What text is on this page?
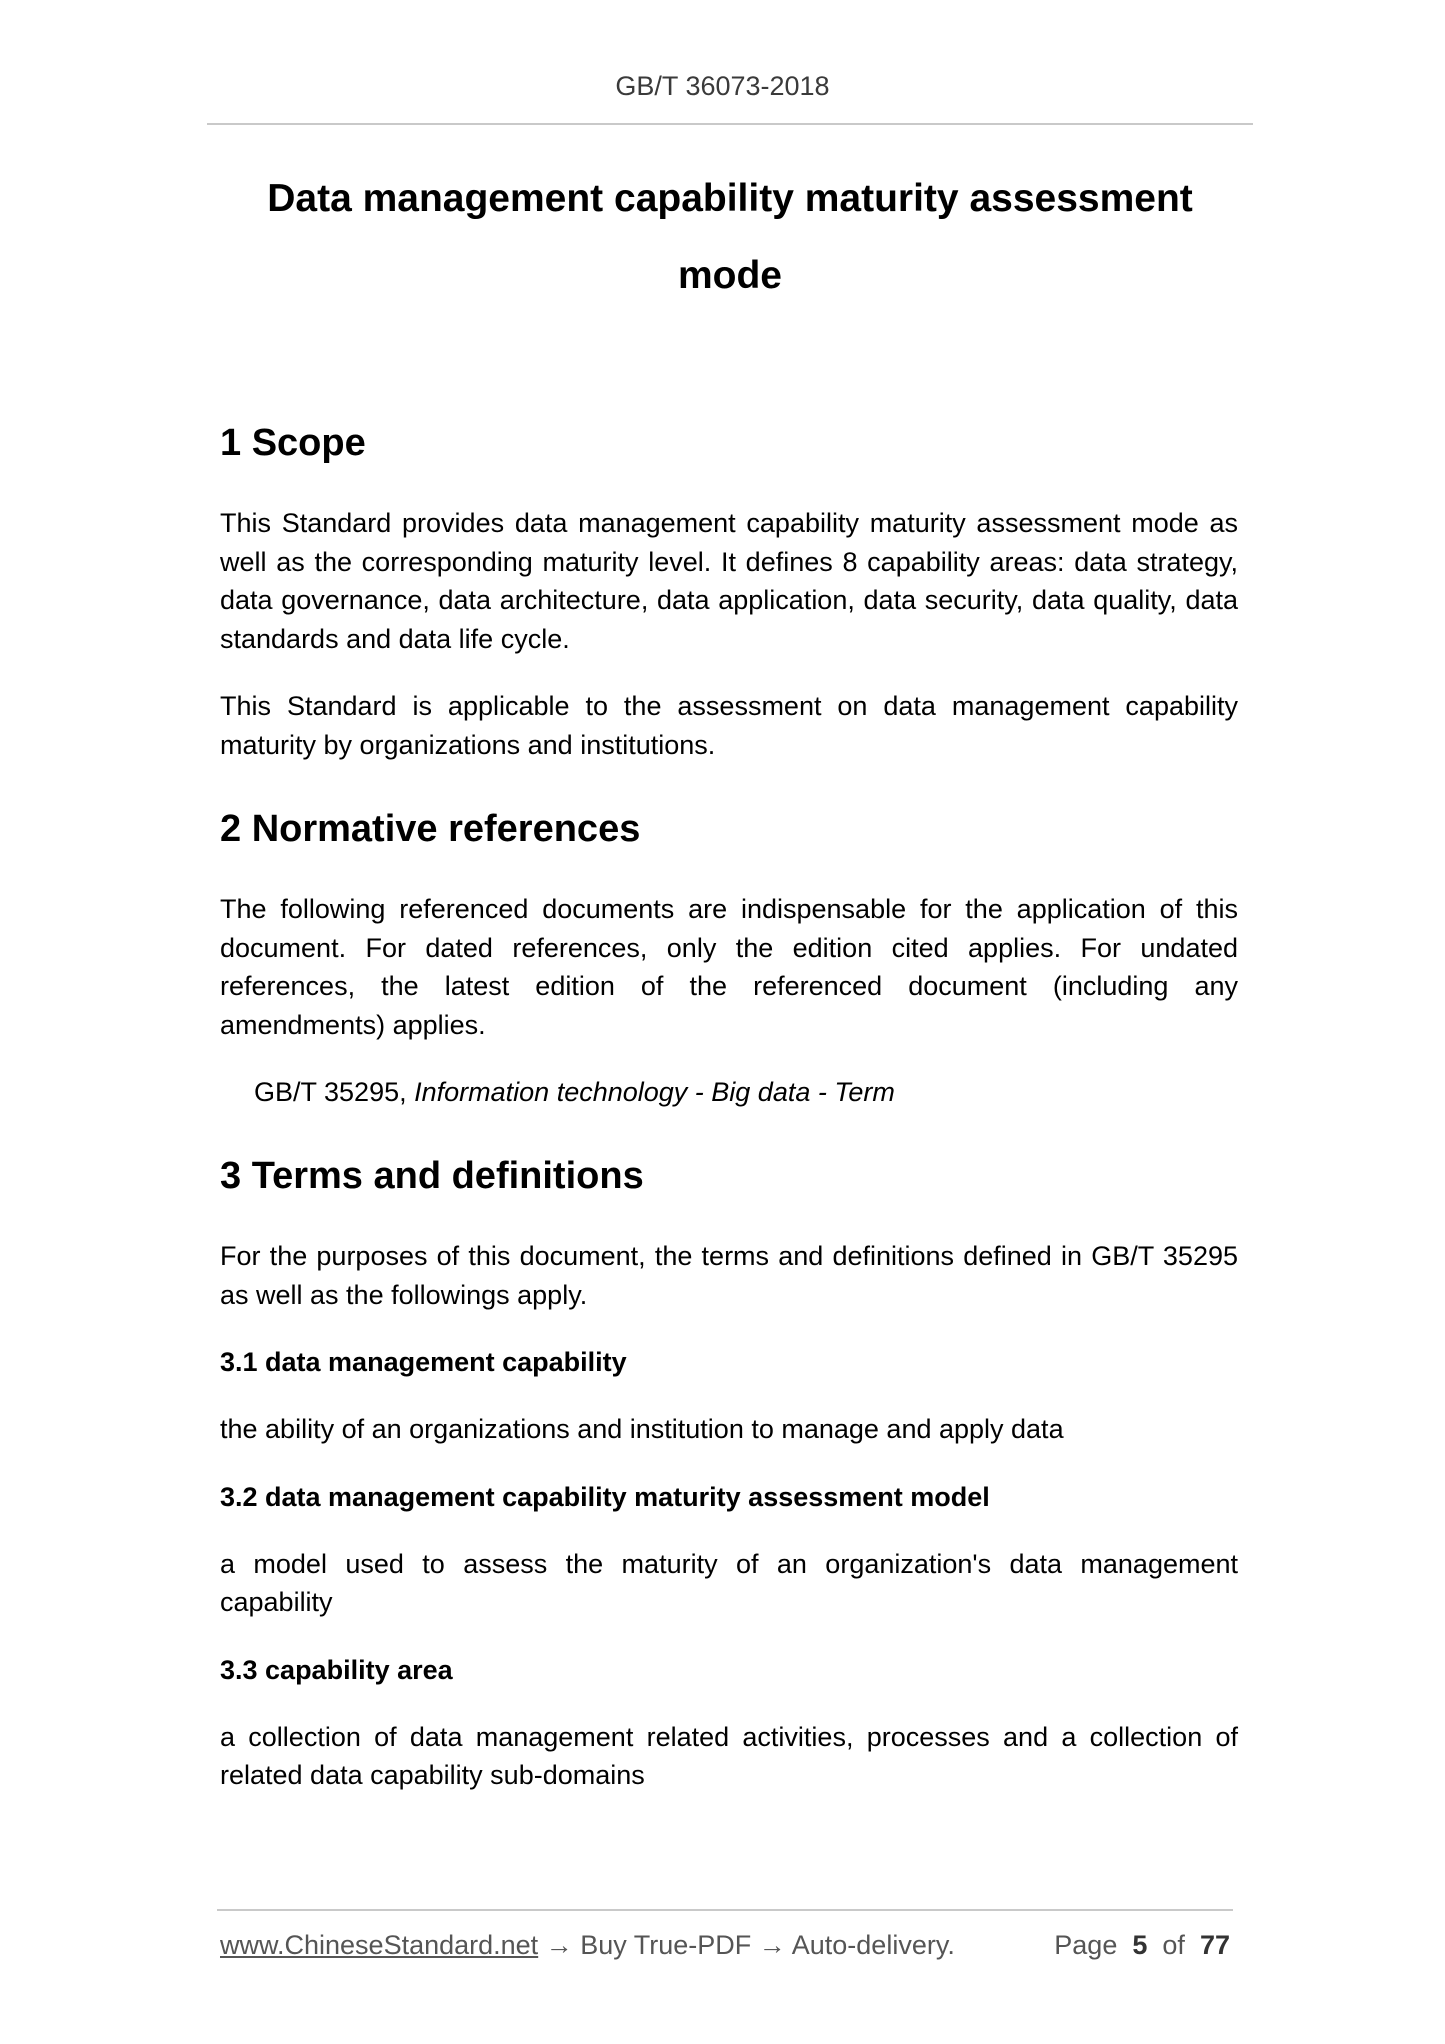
GB/T 36073-2018
Data management capability maturity assessment
mode
1 Scope

This Standard provides data management capability maturity assessment mode as well as the corresponding maturity level. It defines 8 capability areas: data strategy, data governance, data architecture, data application, data security, data quality, data standards and data life cycle.

This Standard is applicable to the assessment on data management capability maturity by organizations and institutions.

2 Normative references

The following referenced documents are indispensable for the application of this document. For dated references, only the edition cited applies. For undated references, the latest edition of the referenced document (including any amendments) applies.

GB/T 35295, Information technology - Big data - Term

3 Terms and definitions

For the purposes of this document, the terms and definitions defined in GB/T 35295 as well as the followings apply.

3.1 data management capability

the ability of an organizations and institution to manage and apply data

3.2 data management capability maturity assessment model

a model used to assess the maturity of an organization's data management capability

3.3 capability area

a collection of data management related activities, processes and a collection of related data capability sub-domains

www.ChineseStandard.net → Buy True-PDF → Auto-delivery.	Page 5 of 77
